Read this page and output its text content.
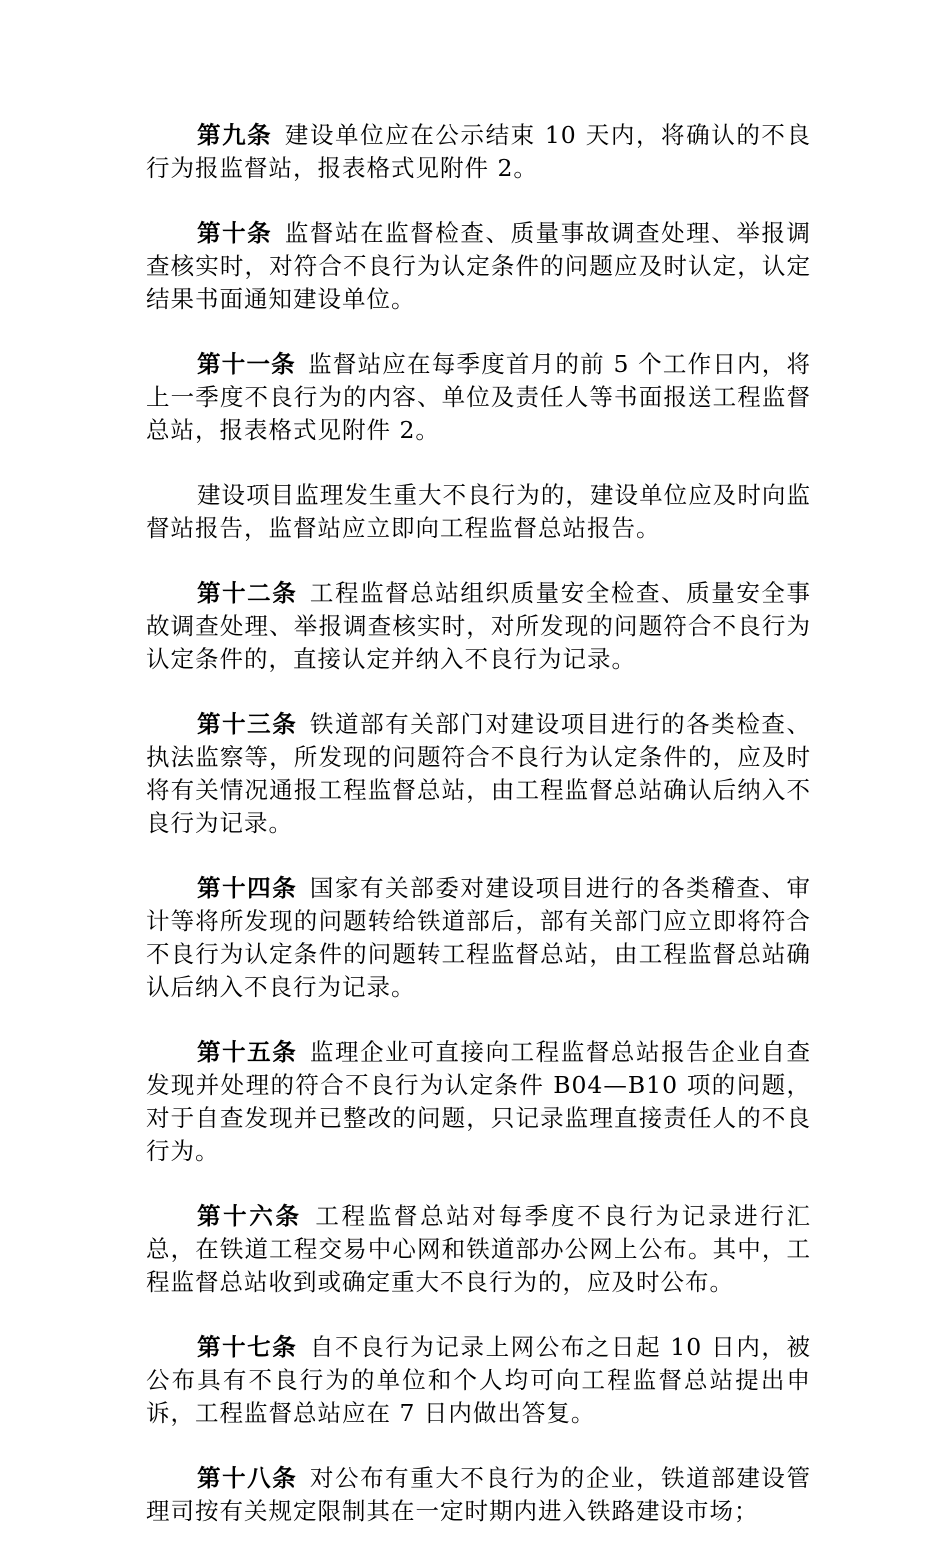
第九条 建设单位应在公示结束 10 天内，将确认的不良行为报监督站，报表格式见附件 2。

第十条 监督站在监督检查、质量事故调查处理、举报调查核实时，对符合不良行为认定条件的问题应及时认定，认定结果书面通知建设单位。

第十一条 监督站应在每季度首月的前 5 个工作日内，将上一季度不良行为的内容、单位及责任人等书面报送工程监督总站，报表格式见附件 2。

建设项目监理发生重大不良行为的，建设单位应及时向监督站报告，监督站应立即向工程监督总站报告。

第十二条 工程监督总站组织质量安全检查、质量安全事故调查处理、举报调查核实时，对所发现的问题符合不良行为认定条件的，直接认定并纳入不良行为记录。

第十三条 铁道部有关部门对建设项目进行的各类检查、执法监察等，所发现的问题符合不良行为认定条件的，应及时将有关情况通报工程监督总站，由工程监督总站确认后纳入不良行为记录。

第十四条 国家有关部委对建设项目进行的各类稽查、审计等将所发现的问题转给铁道部后，部有关部门应立即将符合不良行为认定条件的问题转工程监督总站，由工程监督总站确认后纳入不良行为记录。

第十五条 监理企业可直接向工程监督总站报告企业自查发现并处理的符合不良行为认定条件 B04—B10 项的问题，对于自查发现并已整改的问题，只记录监理直接责任人的不良行为。

第十六条 工程监督总站对每季度不良行为记录进行汇总，在铁道工程交易中心网和铁道部办公网上公布。其中，工程监督总站收到或确定重大不良行为的，应及时公布。

第十七条 自不良行为记录上网公布之日起 10 日内，被公布具有不良行为的单位和个人均可向工程监督总站提出申诉，工程监督总站应在 7 日内做出答复。

第十八条 对公布有重大不良行为的企业，铁道部建设管理司按有关规定限制其在一定时期内进入铁路建设市场；
